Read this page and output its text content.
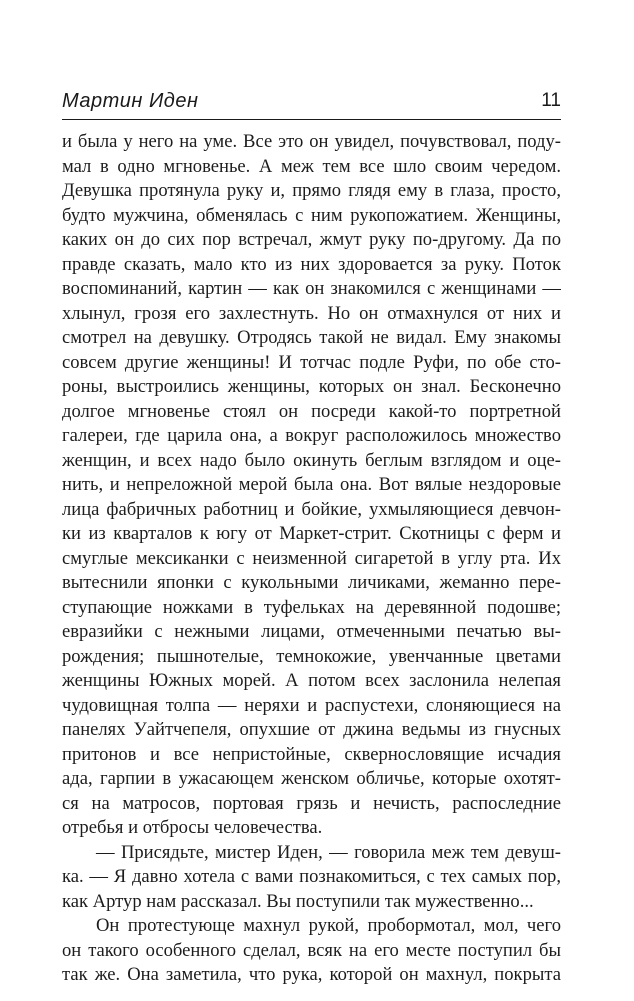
Мартин Иден	11
и была у него на уме. Все это он увидел, почувствовал, поду-
мал в одно мгновенье. А меж тем все шло своим чередом.
Девушка протянула руку и, прямо глядя ему в глаза, просто,
будто мужчина, обменялась с ним рукопожатием. Женщины,
каких он до сих пор встречал, жмут руку по-другому. Да по
правде сказать, мало кто из них здоровается за руку. Поток
воспоминаний, картин — как он знакомился с женщинами —
хлынул, грозя его захлестнуть. Но он отмахнулся от них и
смотрел на девушку. Отродясь такой не видал. Ему знакомы
совсем другие женщины! И тотчас подле Руфи, по обе сто-
роны, выстроились женщины, которых он знал. Бесконечно
долгое мгновенье стоял он посреди какой-то портретной
галереи, где царила она, а вокруг расположилось множество
женщин, и всех надо было окинуть беглым взглядом и оце-
нить, и непреложной мерой была она. Вот вялые нездоровые
лица фабричных работниц и бойкие, ухмыляющиеся девчон-
ки из кварталов к югу от Маркет-стрит. Скотницы с ферм и
смуглые мексиканки с неизменной сигаретой в углу рта. Их
вытеснили японки с кукольными личиками, жеманно пере-
ступающие ножками в туфельках на деревянной подошве;
евразийки с нежными лицами, отмеченными печатью вы-
рождения; пышнотелые, темнокожие, увенчанные цветами
женщины Южных морей. А потом всех заслонила нелепая
чудовищная толпа — неряхи и распустехи, слоняющиеся на
панелях Уайтчепеля, опухшие от джина ведьмы из гнусных
притонов и все непристойные, сквернословящие исчадия
ада, гарпии в ужасающем женском обличье, которые охотят-
ся на матросов, портовая грязь и нечисть, распоследние
отребья и отбросы человечества.
— Присядьте, мистер Иден, — говорила меж тем девуш-
ка. — Я давно хотела с вами познакомиться, с тех самых пор,
как Артур нам рассказал. Вы поступили так мужественно...
Он протестующе махнул рукой, пробормотал, мол, чего
он такого особенного сделал, всяк на его месте поступил бы
так же. Она заметила, что рука, которой он махнул, покрыта
